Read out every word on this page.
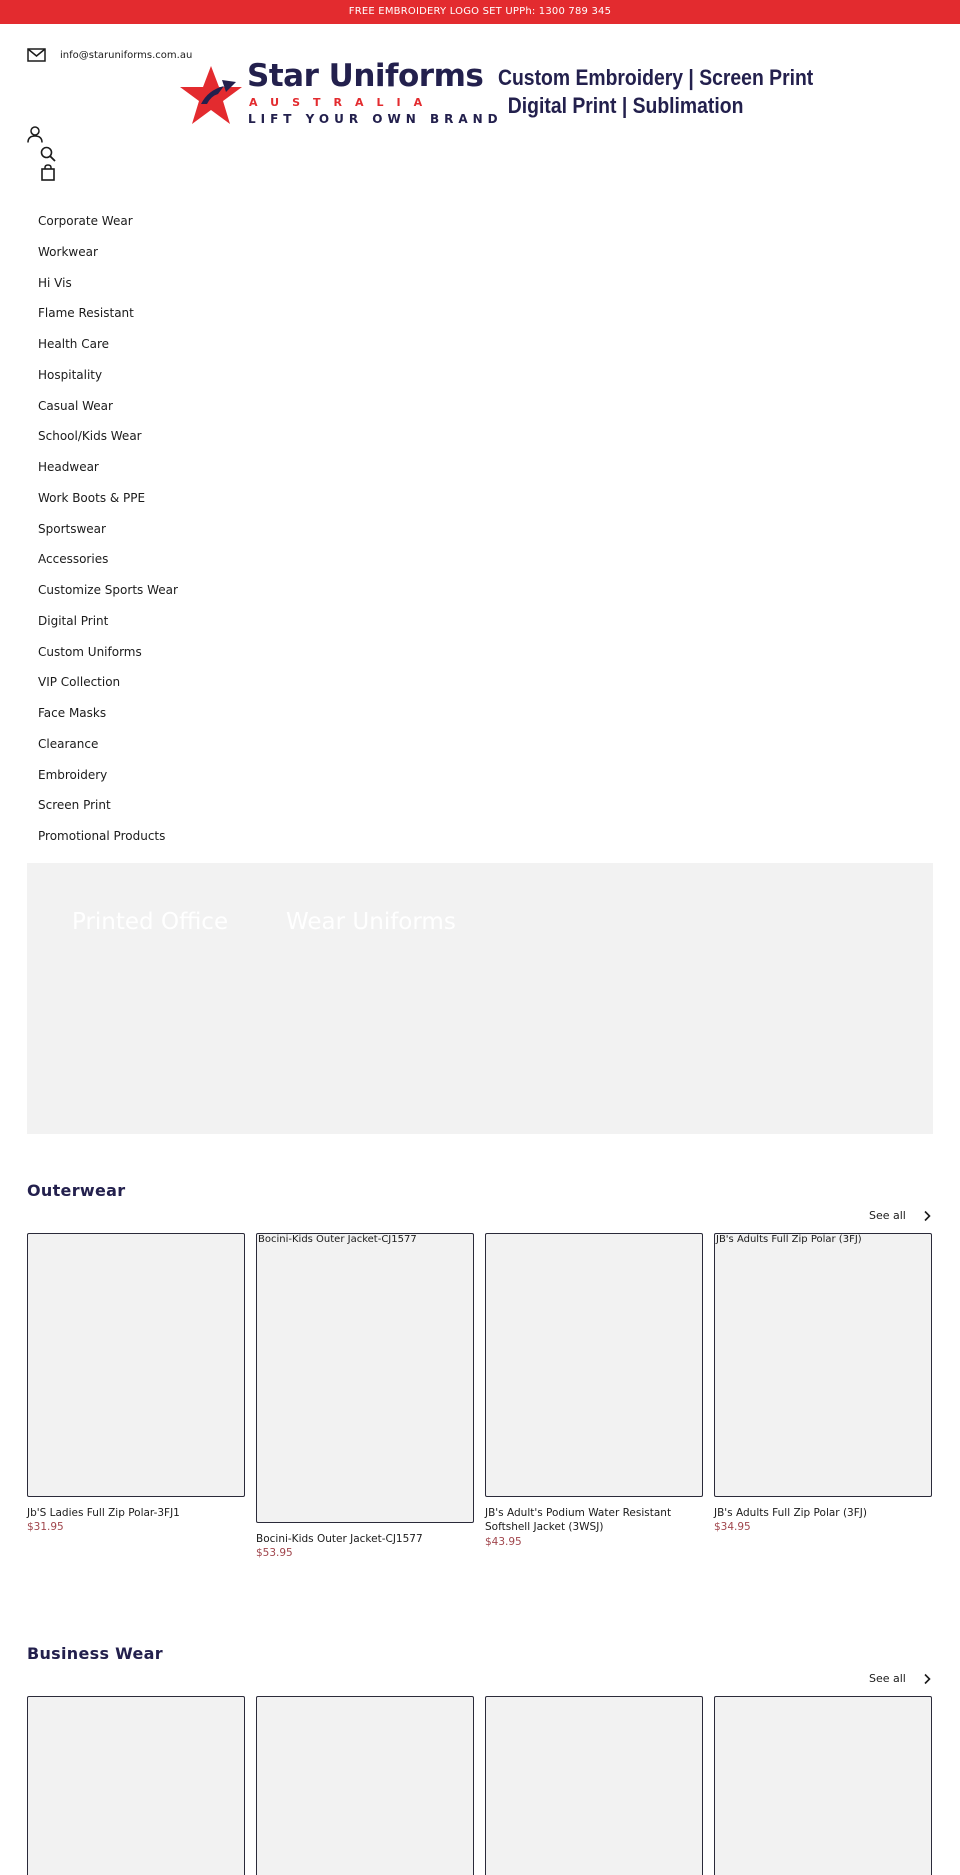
FREE EMBROIDERY LOGO SET UPPh: 1300 789 345
info@staruniforms.com.au
Star Uniforms
AUSTRALIA
LIFT YOUR OWN BRAND
Custom Embroidery | Screen Print
Digital Print | Sublimation
Corporate Wear
Workwear
Hi Vis
Flame Resistant
Health Care
Hospitality
Casual Wear
School/Kids Wear
Headwear
Work Boots & PPE
Sportswear
Accessories
Customize Sports Wear
Digital Print
Custom Uniforms
VIP Collection
Face Masks
Clearance
Embroidery
Screen Print
Promotional Products
Printed Office	Wear Uniforms
Outerwear
See all
Jb'S Ladies Full Zip Polar-3FJ1
$31.95
Bocini-Kids Outer Jacket-CJ1577
Bocini-Kids Outer Jacket-CJ1577
$53.95
JB's Adult's Podium Water Resistant Softshell Jacket (3WSJ)
$43.95
JB's Adults Full Zip Polar (3FJ)
JB's Adults Full Zip Polar (3FJ)
$34.95
Business Wear
See all
